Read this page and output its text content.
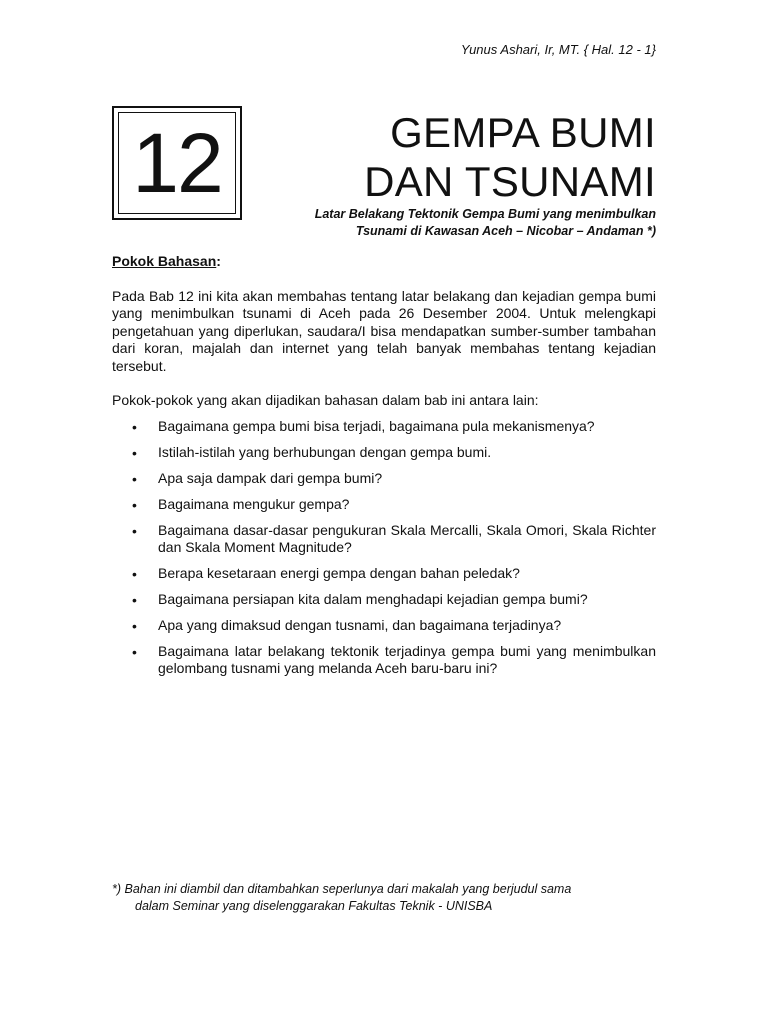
Yunus Ashari, Ir, MT. { Hal. 12 - 1}
12	GEMPA BUMI
DAN TSUNAMI
Latar Belakang Tektonik Gempa Bumi yang menimbulkan
Tsunami di Kawasan Aceh – Nicobar – Andaman *)
Pokok Bahasan:
Pada Bab 12 ini kita akan membahas tentang latar belakang dan kejadian gempa bumi yang menimbulkan tsunami di Aceh pada 26 Desember 2004. Untuk melengkapi pengetahuan yang diperlukan, saudara/I bisa mendapatkan sumber-sumber tambahan dari koran, majalah dan internet yang telah banyak membahas tentang kejadian tersebut.
Pokok-pokok yang akan dijadikan bahasan dalam bab ini antara lain:
• Bagaimana gempa bumi bisa terjadi, bagaimana pula mekanismenya?
• Istilah-istilah yang berhubungan dengan gempa bumi.
• Apa saja dampak dari gempa bumi?
• Bagaimana mengukur gempa?
• Bagaimana dasar-dasar pengukuran Skala Mercalli, Skala Omori, Skala Richter dan Skala Moment Magnitude?
• Berapa kesetaraan energi gempa dengan bahan peledak?
• Bagaimana persiapan kita dalam menghadapi kejadian gempa bumi?
• Apa yang dimaksud dengan tusnami, dan bagaimana terjadinya?
• Bagaimana latar belakang tektonik terjadinya gempa bumi yang menimbulkan gelombang tusnami yang melanda Aceh baru-baru ini?
*) Bahan ini diambil dan ditambahkan seperlunya dari makalah yang berjudul sama
dalam Seminar yang diselenggarakan Fakultas Teknik - UNISBA
